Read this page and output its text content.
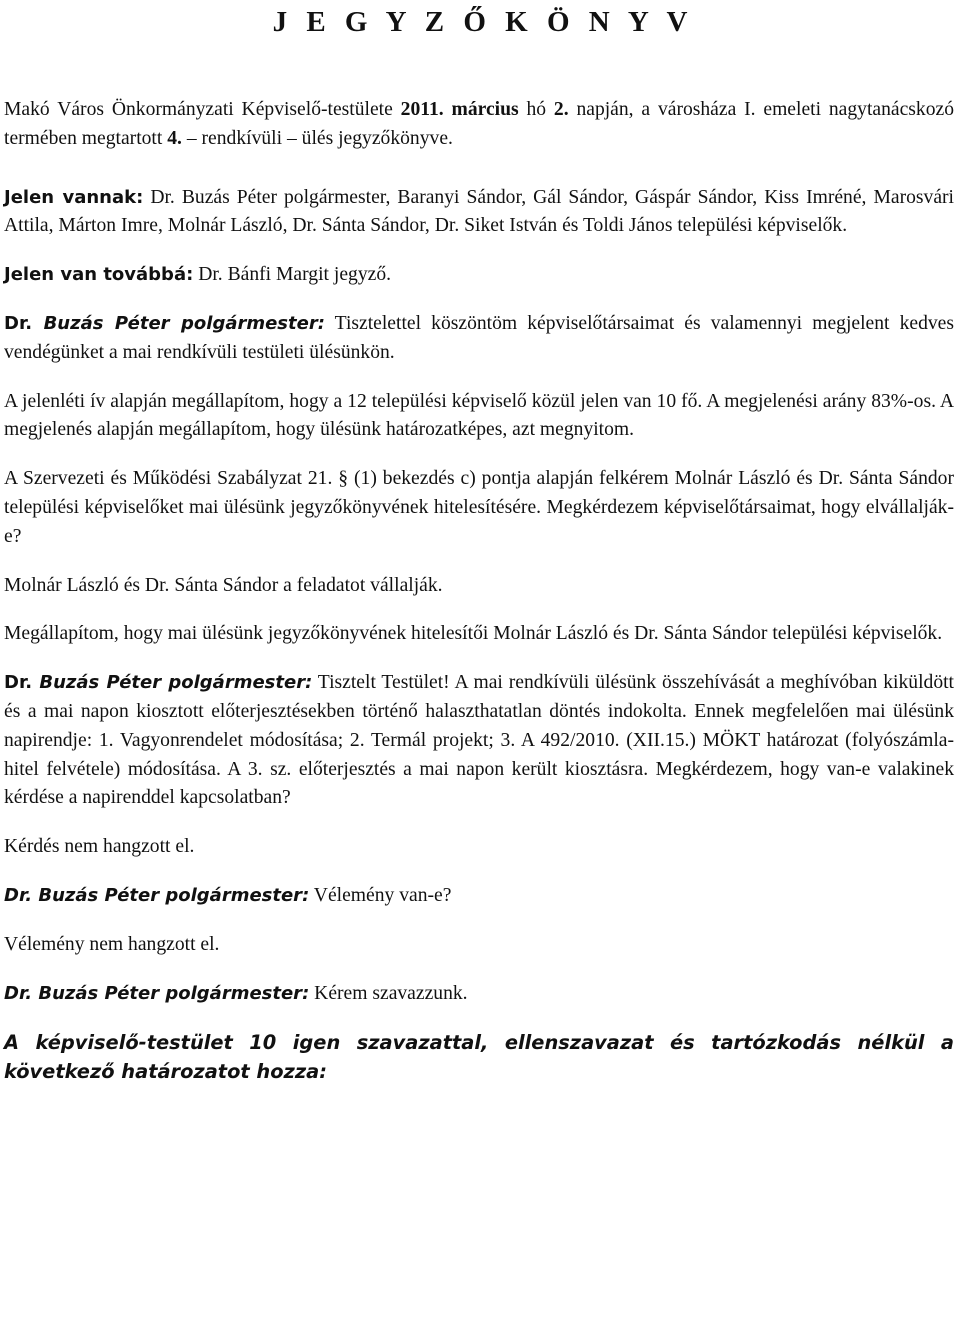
J E G Y Z Ő K Ö N Y V

Makó Város Önkormányzati Képviselő-testülete 2011. március hó 2. napján, a városháza I. emeleti nagytanácskozó termében megtartott 4. – rendkívüli – ülés jegyzőkönyve.

Jelen vannak: Dr. Buzás Péter polgármester, Baranyi Sándor, Gál Sándor, Gáspár Sándor, Kiss Imréné, Marosvári Attila, Márton Imre, Molnár László, Dr. Sánta Sándor, Dr. Siket István és Toldi János települési képviselők.

Jelen van továbbá: Dr. Bánfi Margit jegyző.

Dr. Buzás Péter polgármester: Tisztelettel köszöntöm képviselőtársaimat és valamennyi megjelent kedves vendégünket a mai rendkívüli testületi ülésünkön.

A jelenléti ív alapján megállapítom, hogy a 12 települési képviselő közül jelen van 10 fő. A megjelenési arány 83%-os. A megjelenés alapján megállapítom, hogy ülésünk határozatképes, azt megnyitom.

A Szervezeti és Működési Szabályzat 21. § (1) bekezdés c) pontja alapján felkérem Molnár László és Dr. Sánta Sándor települési képviselőket mai ülésünk jegyzőkönyvének hitelesítésére. Megkérdezem képviselőtársaimat, hogy elvállalják-e?

Molnár László és Dr. Sánta Sándor a feladatot vállalják.

Megállapítom, hogy mai ülésünk jegyzőkönyvének hitelesítői Molnár László és Dr. Sánta Sándor települési képviselők.

Dr. Buzás Péter polgármester: Tisztelt Testület! A mai rendkívüli ülésünk összehívását a meghívóban kiküldött és a mai napon kiosztott előterjesztésekben történő halaszthatatlan döntés indokolta. Ennek megfelelően mai ülésünk napirendje: 1. Vagyonrendelet módosítása; 2. Termál projekt; 3. A 492/2010. (XII.15.) MÖKT határozat (folyószámla-hitel felvétele) módosítása. A 3. sz. előterjesztés a mai napon került kiosztásra. Megkérdezem, hogy van-e valakinek kérdése a napirenddel kapcsolatban?

Kérdés nem hangzott el.

Dr. Buzás Péter polgármester: Vélemény van-e?

Vélemény nem hangzott el.

Dr. Buzás Péter polgármester: Kérem szavazzunk.

A képviselő-testület 10 igen szavazattal, ellenszavazat és tartózkodás nélkül a következő határozatot hozza:
